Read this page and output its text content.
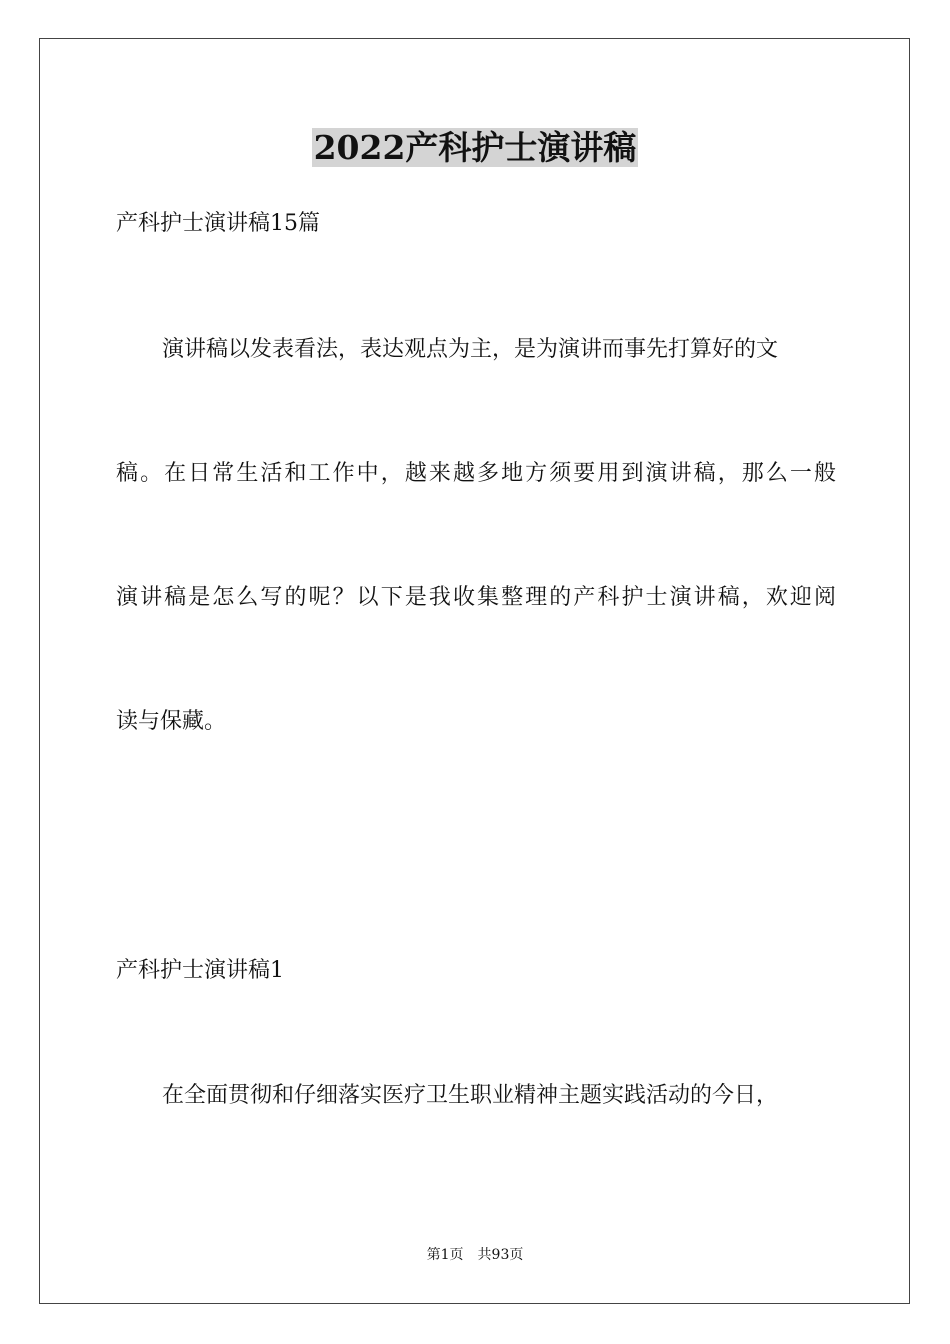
2022产科护士演讲稿
产科护士演讲稿15篇
演讲稿以发表看法，表达观点为主，是为演讲而事先打算好的文
稿。在日常生活和工作中，越来越多地方须要用到演讲稿，那么一般
演讲稿是怎么写的呢？以下是我收集整理的产科护士演讲稿，欢迎阅
读与保藏。
产科护士演讲稿1
在全面贯彻和仔细落实医疗卫生职业精神主题实践活动的今日，
第1页 共93页
